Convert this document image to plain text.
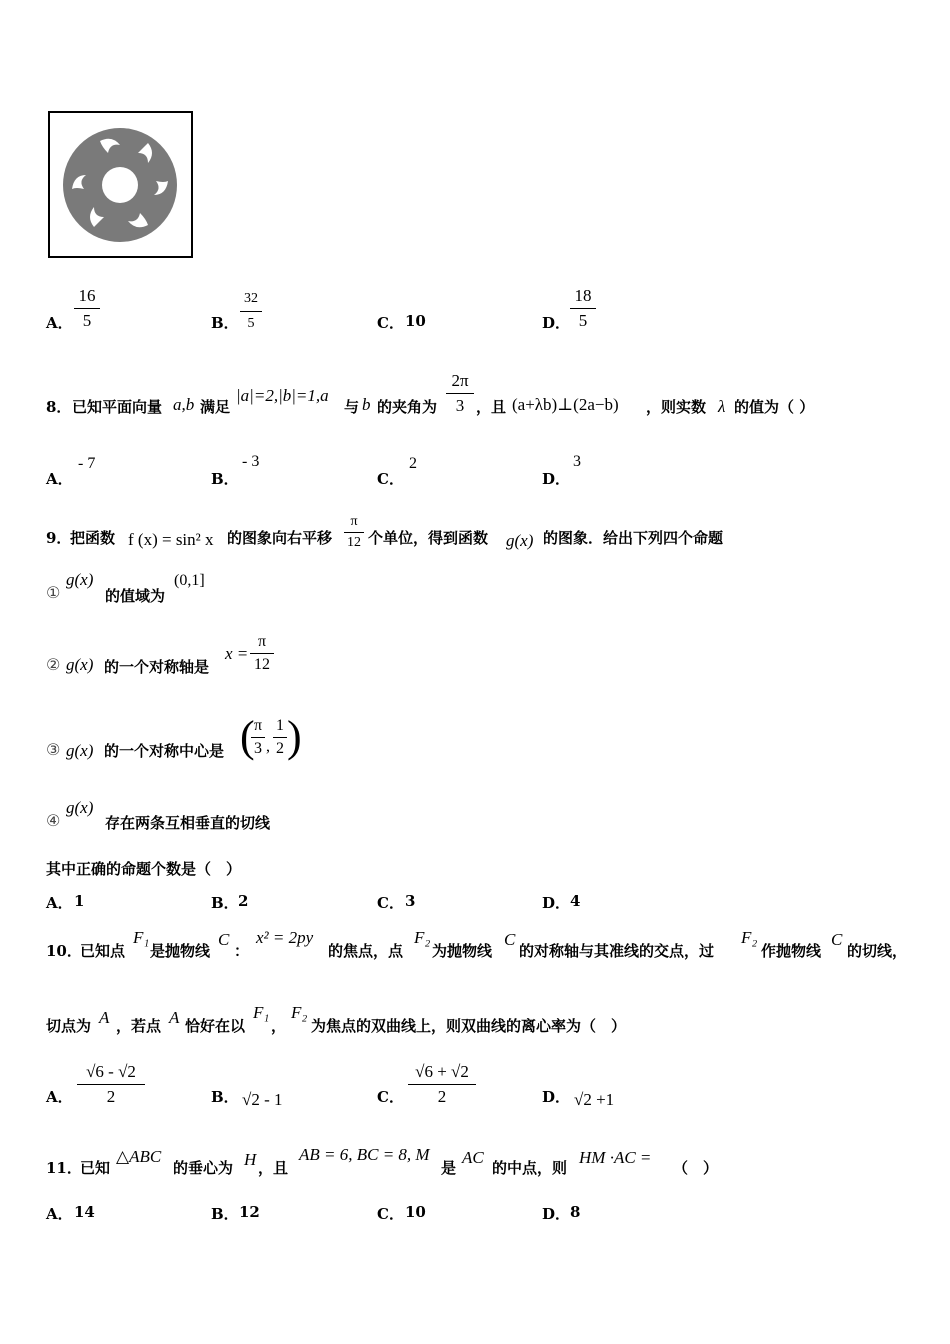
A．
16
5	B．
32
5	C． 10	D．
18
5
8． 已知平面向量 a,b 满足
|a|=2,|b|=1,a
与 b 的夹角为
2π
3 ，且 (a+λb)⊥(2a−b) ，则实数 λ 的值为（ ）
A．
- 7
B．
- 3
C．
2
D．
3
9．
把函数 f (x) = sin² x 的图象向右平移
π
12 个单位，得到函数 g(x) 的图象．给出下列四个命题
①
g(x)
的值域为
(0,1]
② g(x) 的一个对称轴是
x =
π
12
③ g(x) 的一个对称中心是 ( π
3 ,
1
2 )
④
g(x)
存在两条互相垂直的切线
其中正确的命题个数是（　）
A． 1	B． 2	C． 3	D． 4
10．
已知点
F₁
是抛物线
C
：
x² = 2py
的焦点，点
F₂
为抛物线
C
的对称轴与其准线的交点，过
F₂
作抛物线
C
的切线，
切点为 A ，若点 A 恰好在以
F₁
，
F₂
为焦点的双曲线上，则双曲线的离心率为（　）
A．
√6 - √2
2	B． √2 - 1	C．
√6 + √2
2	D． √2 +1
11．
已知
△ABC
的垂心为 H ，且
AB = 6, BC = 8, M
是
AC
的中点，则
HM ·AC =
（　）
A． 14	B． 12	C． 10	D． 8
